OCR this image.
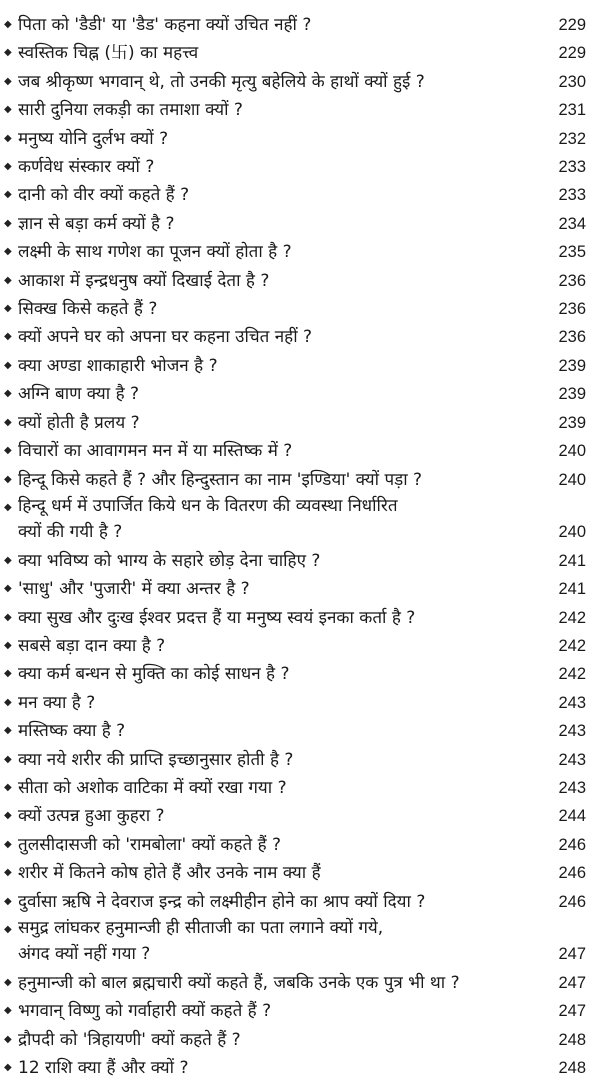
◆ पिता को 'डैडी' या 'डैड' कहना क्यों उचित नहीं ?	229
◆ स्वस्तिक चिह्न (卐) का महत्त्व	229
◆ जब श्रीकृष्ण भगवान् थे, तो उनकी मृत्यु बहेलिये के हाथों क्यों हुई ?	230
◆ सारी दुनिया लकड़ी का तमाशा क्यों ?	231
◆ मनुष्य योनि दुर्लभ क्यों ?	232
◆ कर्णवेध संस्कार क्यों ?	233
◆ दानी को वीर क्यों कहते हैं ?	233
◆ ज्ञान से बड़ा कर्म क्यों है ?	234
◆ लक्ष्मी के साथ गणेश का पूजन क्यों होता है ?	235
◆ आकाश में इन्द्रधनुष क्यों दिखाई देता है ?	236
◆ सिक्ख किसे कहते हैं ?	236
◆ क्यों अपने घर को अपना घर कहना उचित नहीं ?	236
◆ क्या अण्डा शाकाहारी भोजन है ?	239
◆ अग्नि बाण क्या है ?	239
◆ क्यों होती है प्रलय ?	239
◆ विचारों का आवागमन मन में या मस्तिष्क में ?	240
◆ हिन्दू किसे कहते हैं ? और हिन्दुस्तान का नाम 'इण्डिया' क्यों पड़ा ?	240
◆ हिन्दू धर्म में उपार्जित किये धन के वितरण की व्यवस्था निर्धारित
क्यों की गयी है ?	240
◆ क्या भविष्य को भाग्य के सहारे छोड़ देना चाहिए ?	241
◆ 'साधु' और 'पुजारी' में क्या अन्तर है ?	241
◆ क्या सुख और दुःख ईश्वर प्रदत्त हैं या मनुष्य स्वयं इनका कर्ता है ?	242
◆ सबसे बड़ा दान क्या है ?	242
◆ क्या कर्म बन्धन से मुक्ति का कोई साधन है ?	242
◆ मन क्या है ?	243
◆ मस्तिष्क क्या है ?	243
◆ क्या नये शरीर की प्राप्ति इच्छानुसार होती है ?	243
◆ सीता को अशोक वाटिका में क्यों रखा गया ?	243
◆ क्यों उत्पन्न हुआ कुहरा ?	244
◆ तुलसीदासजी को 'रामबोला' क्यों कहते हैं ?	246
◆ शरीर में कितने कोष होते हैं और उनके नाम क्या हैं	246
◆ दुर्वासा ऋषि ने देवराज इन्द्र को लक्ष्मीहीन होने का श्राप क्यों दिया ?	246
◆ समुद्र लांघकर हनुमान्जी ही सीताजी का पता लगाने क्यों गये,
अंगद क्यों नहीं गया ?	247
◆ हनुमान्जी को बाल ब्रह्मचारी क्यों कहते हैं, जबकि उनके एक पुत्र भी था ?	247
◆ भगवान् विष्णु को गर्वाहारी क्यों कहते हैं ?	247
◆ द्रौपदी को 'त्रिहायणी' क्यों कहते हैं ?	248
◆ 12 राशि क्या हैं और क्यों ?	248
